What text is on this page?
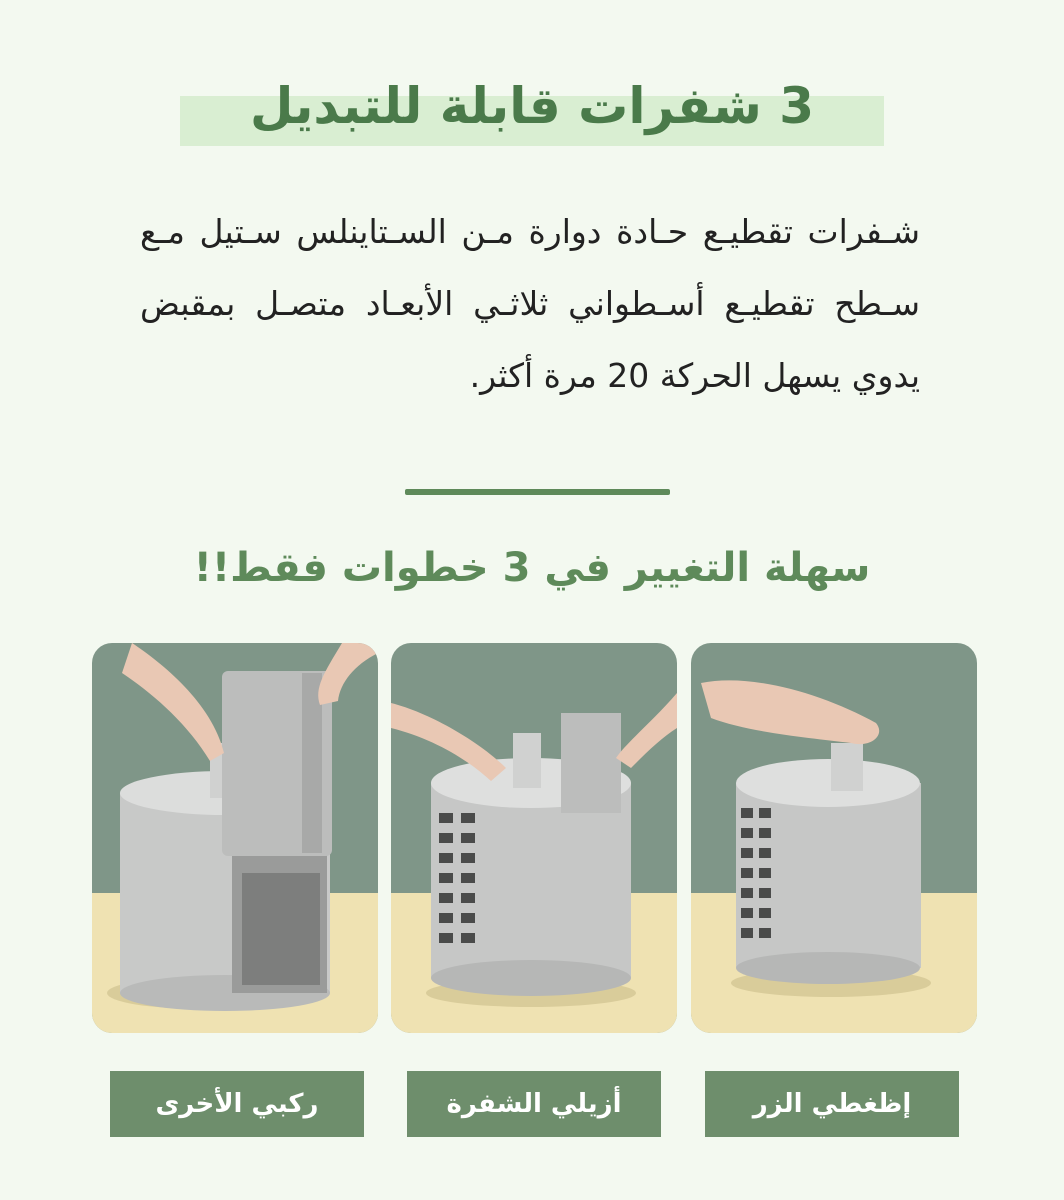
3 شفرات قابلة للتبديل

شـفرات تقطيـع حـادة دوارة مـن السـتاينلس سـتيل مـع سـطح تقطيـع أسـطواني ثلاثـي الأبعـاد متصـل بمقبض يدوي يسهل الحركة 20 مرة أكثر.

سهلة التغيير في 3 خطوات فقط!!
ركبي الأخرى	أزيلي الشفرة	إظغطي الزر
